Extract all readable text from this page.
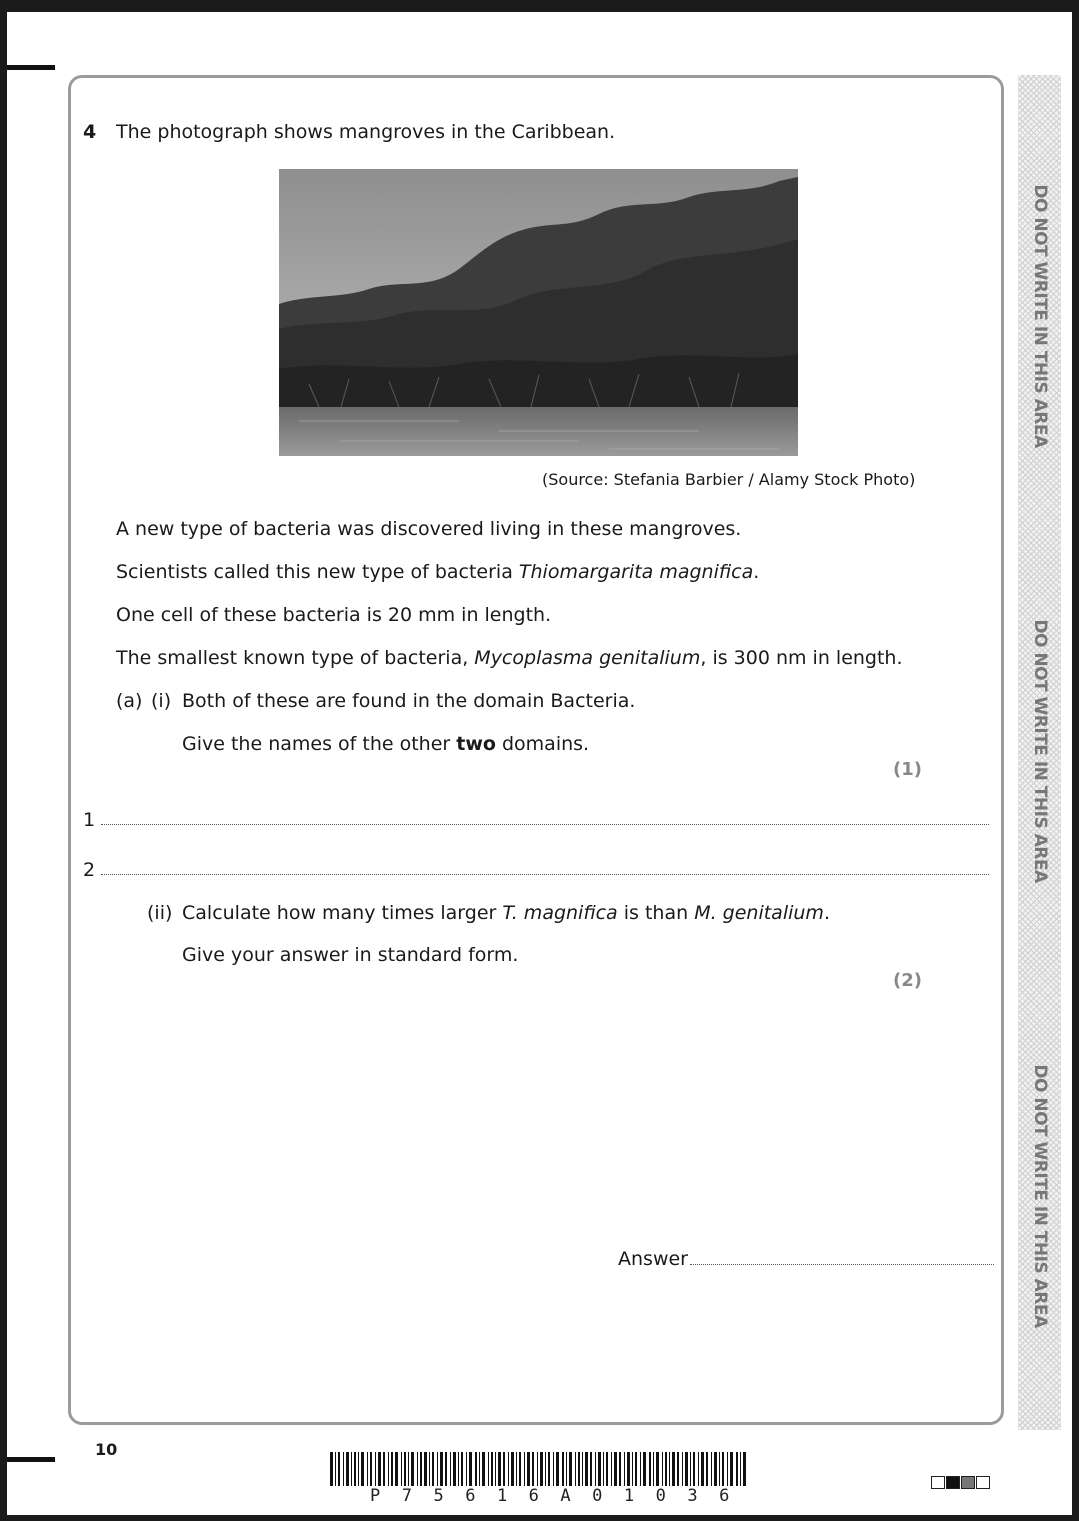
DO NOT WRITE IN THIS AREA
DO NOT WRITE IN THIS AREA
DO NOT WRITE IN THIS AREA
4 The photograph shows mangroves in the Caribbean.
(Source: Stefania Barbier / Alamy Stock Photo)
A new type of bacteria was discovered living in these mangroves.
Scientists called this new type of bacteria Thiomargarita magnifica.
One cell of these bacteria is 20 mm in length.
The smallest known type of bacteria, Mycoplasma genitalium, is 300 nm in length.
(a) (i) Both of these are found in the domain Bacteria.
Give the names of the other two domains.
(1)
1
2
(ii) Calculate how many times larger T. magnifica is than M. genitalium.
Give your answer in standard form.
(2)
Answer
10
P75616A01036
